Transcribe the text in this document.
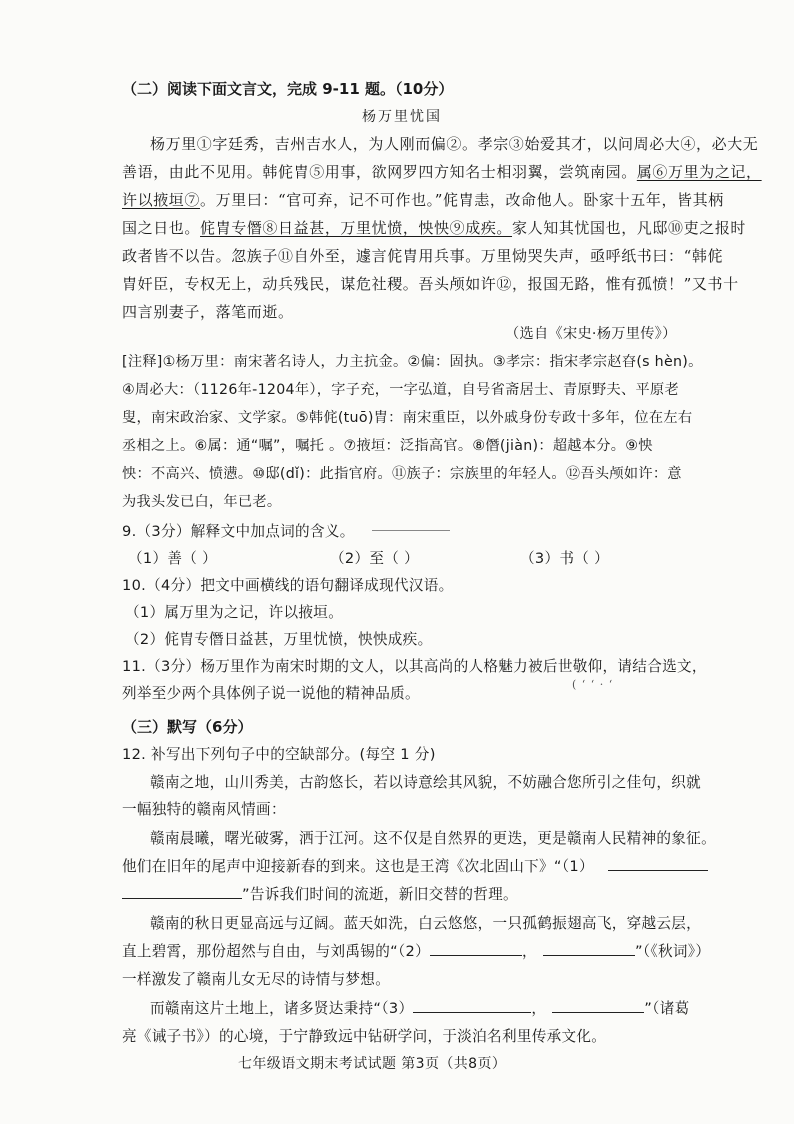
（二）阅读下面文言文，完成 9-11 题。（10分）
杨万里忧国
杨万里①字廷秀，吉州吉水人，为人刚而偏②。孝宗③始爱其才，以问周必大④，必大无
善语，由此不见用。韩侂胄⑤用事，欲网罗四方知名士相羽翼，尝筑南园。属⑥万里为之记，
许以掖垣⑦。万里曰：“官可弃，记不可作也。”侂胄恚，改命他人。卧家十五年，皆其柄
国之日也。侂胄专僭⑧日益甚，万里忧愤，怏怏⑨成疾。家人知其忧国也，凡邸⑩吏之报时
政者皆不以告。忽族子⑪自外至，遽言侂胄用兵事。万里恸哭失声，亟呼纸书曰：“韩侂
胄奸臣，专权无上，动兵残民，谋危社稷。吾头颅如许⑫，报国无路，惟有孤愤！”又书十
四言别妻子，落笔而逝。
（选自《宋史·杨万里传》）
[注释]①杨万里：南宋著名诗人，力主抗金。②偏：固执。③孝宗：指宋孝宗赵昚(s hèn)。
④周必大：（1126年-1204年），字子充，一字弘道，自号省斋居士、青原野夫、平原老
叟，南宋政治家、文学家。⑤韩侂(tuō)胄：南宋重臣，以外戚身份专政十多年，位在左右
丞相之上。⑥属：通“嘱”，嘱托 。⑦掖垣：泛指高官。⑧僭(jiàn)：超越本分。⑨怏
怏：不高兴、愤懑。⑩邸(dǐ)：此指官府。⑪族子：宗族里的年轻人。⑫吾头颅如许：意
为我头发已白，年已老。
9.（3分）解释文中加点词的含义。
（1）善（ ）	（2）至（ ）	（3）书（ ）
10.（4分）把文中画横线的语句翻译成现代汉语。
（1）属万里为之记，许以掖垣。
（2）侂胄专僭日益甚，万里忧愤，怏怏成疾。
11.（3分）杨万里作为南宋时期的文人，以其高尚的人格魅力被后世敬仰，请结合选文，
列举至少两个具体例子说一说他的精神品质。
( ‘ ‘ · ‘
（三）默写（6分）
12. 补写出下列句子中的空缺部分。(每空 1 分)
赣南之地，山川秀美，古韵悠长，若以诗意绘其风貌，不妨融合您所引之佳句，织就
一幅独特的赣南风情画：
赣南晨曦，曙光破雾，洒于江河。这不仅是自然界的更迭，更是赣南人民精神的象征。
他们在旧年的尾声中迎接新春的到来。这也是王湾《次北固山下》“（1）
”告诉我们时间的流逝，新旧交替的哲理。
赣南的秋日更显高远与辽阔。蓝天如洗，白云悠悠，一只孤鹤振翅高飞，穿越云层，
直上碧霄，那份超然与自由，与刘禹锡的“（2）	，	”（《秋词》）
一样激发了赣南儿女无尽的诗情与梦想。
而赣南这片土地上，诸多贤达秉持“（3）	，	”（诸葛
亮《诫子书》）的心境，于宁静致远中钻研学问，于淡泊名利里传承文化。
七年级语文期末考试试题 第3页（共8页）
